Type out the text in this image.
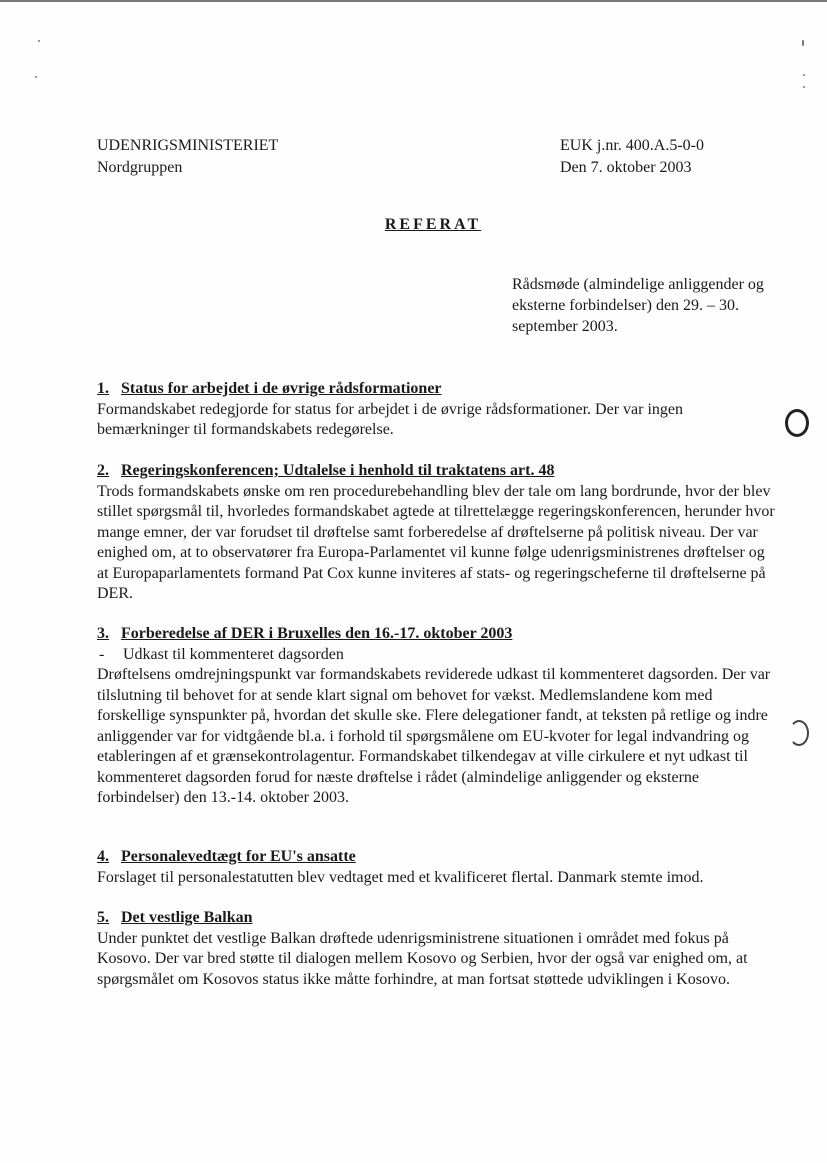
UDENRIGSMINISTERIET
Nordgruppen
EUK j.nr. 400.A.5-0-0
Den 7. oktober 2003
REFERAT
Rådsmøde (almindelige anliggender og eksterne forbindelser) den 29. – 30. september 2003.
1. Status for arbejdet i de øvrige rådsformationer

Formandskabet redegjorde for status for arbejdet i de øvrige rådsformationer. Der var ingen bemærkninger til formandskabets redegørelse.

2. Regeringskonferencen; Udtalelse i henhold til traktatens art. 48

Trods formandskabets ønske om ren procedurebehandling blev der tale om lang bordrunde, hvor der blev stillet spørgsmål til, hvorledes formandskabet agtede at tilrettelægge regeringskonferencen, herunder hvor mange emner, der var forudset til drøftelse samt forberedelse af drøftelserne på politisk niveau. Der var enighed om, at to observatører fra Europa-Parlamentet vil kunne følge udenrigsministrenes drøftelser og at Europaparlamentets formand Pat Cox kunne inviteres af stats- og regeringscheferne til drøftelserne på DER.

3. Forberedelse af DER i Bruxelles den 16.-17. oktober 2003
- Udkast til kommenteret dagsorden

Drøftelsens omdrejningspunkt var formandskabets reviderede udkast til kommenteret dagsorden. Der var tilslutning til behovet for at sende klart signal om behovet for vækst. Medlemslandene kom med forskellige synspunkter på, hvordan det skulle ske. Flere delegationer fandt, at teksten på retlige og indre anliggender var for vidtgående bl.a. i forhold til spørgsmålene om EU-kvoter for legal indvandring og etableringen af et grænsekontrolagentur. Formandskabet tilkendegav at ville cirkulere et nyt udkast til kommenteret dagsorden forud for næste drøftelse i rådet (almindelige anliggender og eksterne forbindelser) den 13.-14. oktober 2003.

4. Personalevedtægt for EU's ansatte

Forslaget til personalestatutten blev vedtaget med et kvalificeret flertal. Danmark stemte imod.

5. Det vestlige Balkan

Under punktet det vestlige Balkan drøftede udenrigsministrene situationen i området med fokus på Kosovo. Der var bred støtte til dialogen mellem Kosovo og Serbien, hvor der også var enighed om, at spørgsmålet om Kosovos status ikke måtte forhindre, at man fortsat støttede udviklingen i Kosovo.
